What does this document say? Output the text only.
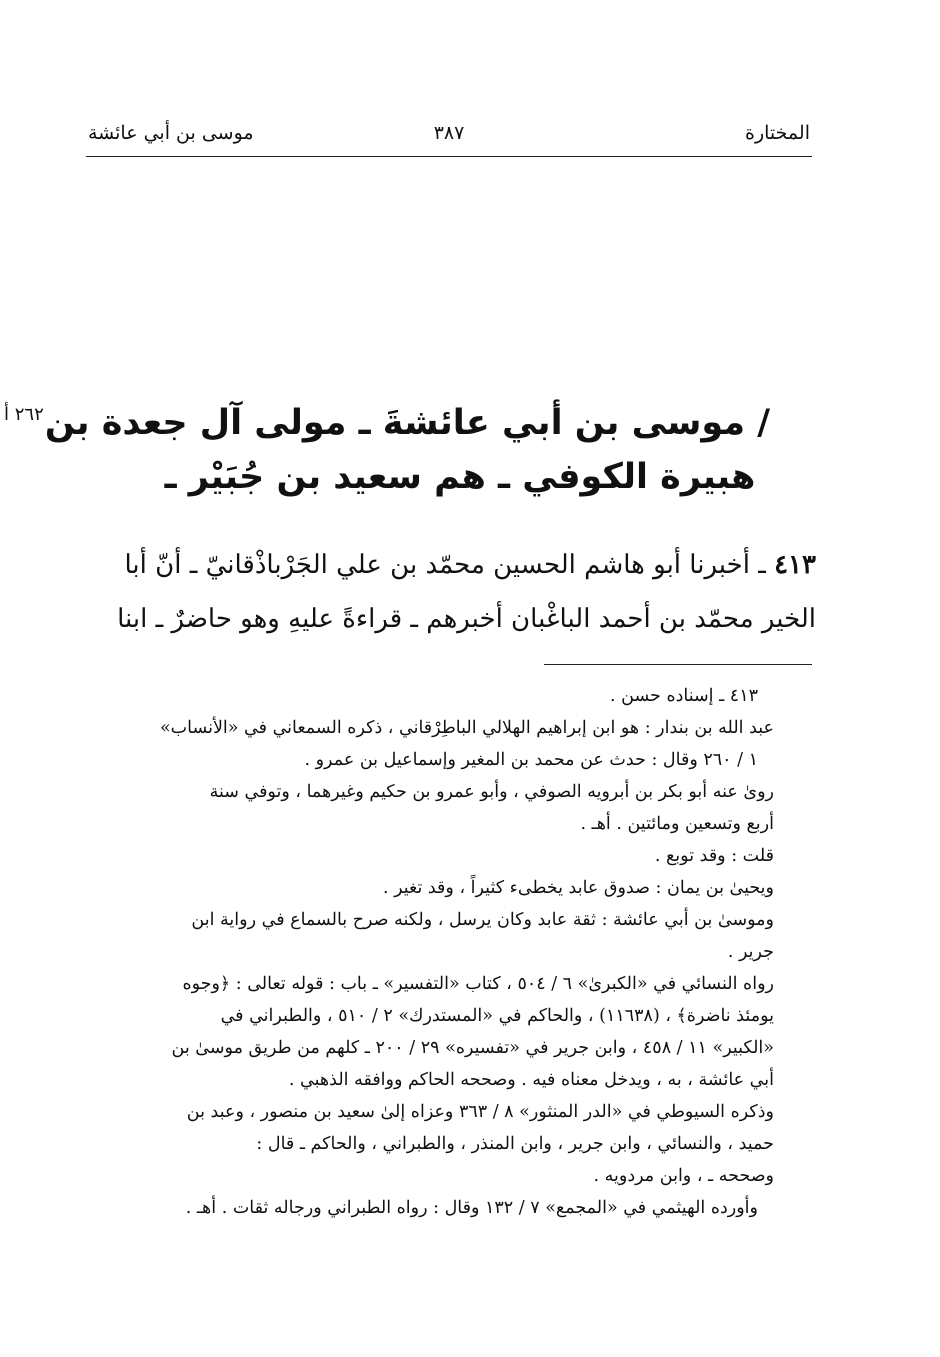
المختارة
٣٨٧
موسى بن أبي عائشة
٢٦٢ أ / موسى بن أبي عائشةَ ـ مولى آل جعدة بن
هبيرة الكوفي ـ هم سعيد بن جُبَيْر ـ
٤١٣ ـ أخبرنا أبو هاشم الحسين محمّد بن علي الجَرْباذْقانيّ ـ أنّ أبا
الخير محمّد بن أحمد الباغْبان أخبرهم ـ قراءةً عليهِ وهو حاضرٌ ـ ابنا
٤١٣ ـ إسناده حسن .
عبد الله بن بندار : هو ابن إبراهيم الهلالي الباطِرْقاني ، ذكره السمعاني في «الأنساب»
١ / ٢٦٠ وقال : حدث عن محمد بن المغير وإسماعيل بن عمرو .
روىٰ عنه أبو بكر بن أبرويه الصوفي ، وأبو عمرو بن حكيم وغيرهما ، وتوفي سنة
أربع وتسعين ومائتين . أهـ .
قلت : وقد توبع .
ويحيىٰ بن يمان : صدوق عابد يخطىء كثيراً ، وقد تغير .
وموسىٰ بن أبي عائشة : ثقة عابد وكان يرسل ، ولكنه صرح بالسماع في رواية ابن
جرير .
رواه النسائي في «الكبرىٰ» ٦ / ٥٠٤ ، كتاب «التفسير» ـ باب : قوله تعالى : ﴿وجوه
يومئذ ناضرة﴾ ، (١١٦٣٨) ، والحاكم في «المستدرك» ٢ / ٥١٠ ، والطبراني في
«الكبير» ١١ / ٤٥٨ ، وابن جرير في «تفسيره» ٢٩ / ٢٠٠ ـ كلهم من طريق موسىٰ بن
أبي عائشة ، به ، ويدخل معناه فيه . وصححه الحاكم ووافقه الذهبي .
وذكره السيوطي في «الدر المنثور» ٨ / ٣٦٣ وعزاه إلىٰ سعيد بن منصور ، وعبد بن
حميد ، والنسائي ، وابن جرير ، وابن المنذر ، والطبراني ، والحاكم ـ قال :
وصححه ـ ، وابن مردويه .
وأورده الهيثمي في «المجمع» ٧ / ١٣٢ وقال : رواه الطبراني ورجاله ثقات . أهـ .
